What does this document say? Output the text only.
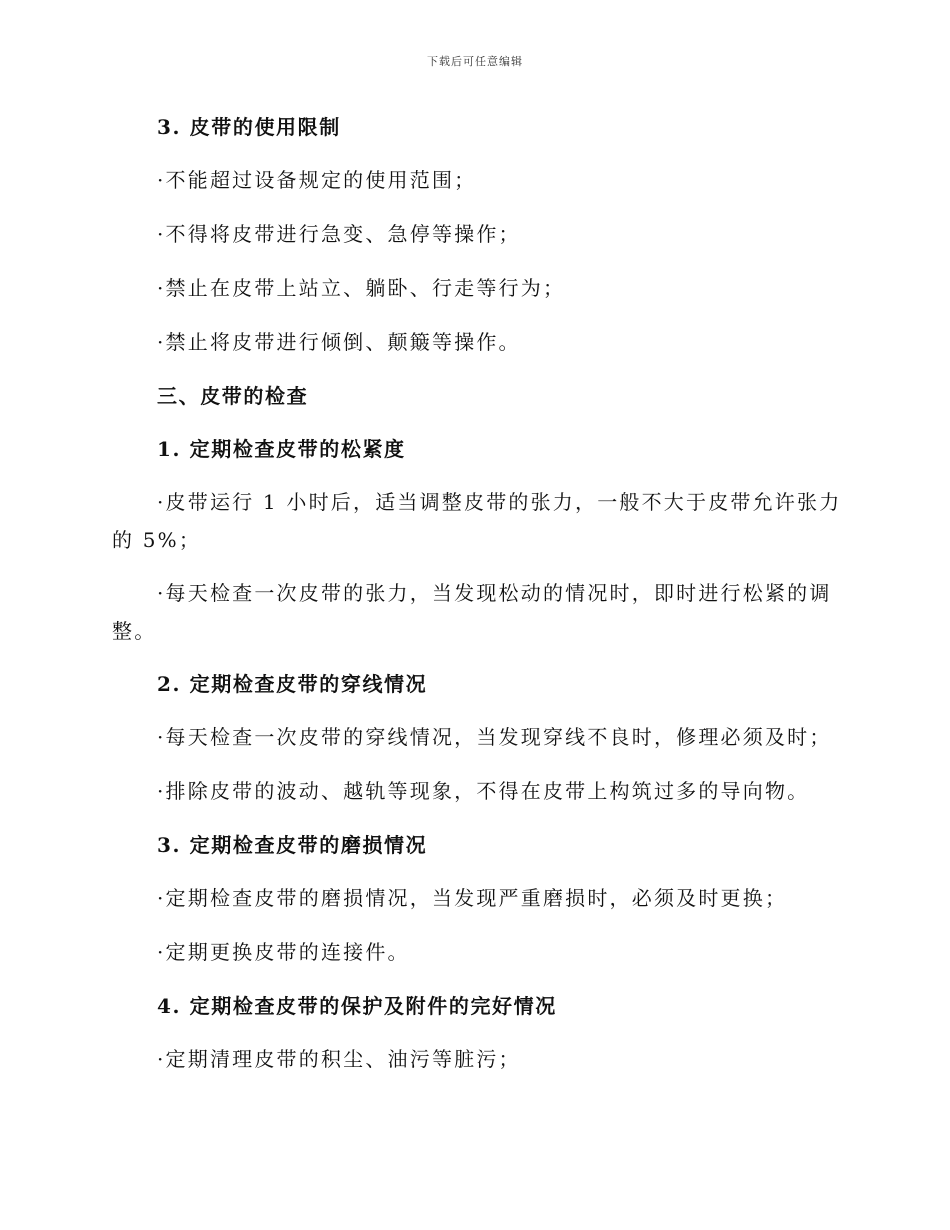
下载后可任意编辑
3. 皮带的使用限制
·不能超过设备规定的使用范围；
·不得将皮带进行急变、急停等操作；
·禁止在皮带上站立、躺卧、行走等行为；
·禁止将皮带进行倾倒、颠簸等操作。
三、皮带的检查
1. 定期检查皮带的松紧度
·皮带运行 1 小时后，适当调整皮带的张力，一般不大于皮带允许张力
的 5%；
·每天检查一次皮带的张力，当发现松动的情况时，即时进行松紧的调
整。
2. 定期检查皮带的穿线情况
·每天检查一次皮带的穿线情况，当发现穿线不良时，修理必须及时；
·排除皮带的波动、越轨等现象，不得在皮带上构筑过多的导向物。
3. 定期检查皮带的磨损情况
·定期检查皮带的磨损情况，当发现严重磨损时，必须及时更换；
·定期更换皮带的连接件。
4. 定期检查皮带的保护及附件的完好情况
·定期清理皮带的积尘、油污等脏污；
